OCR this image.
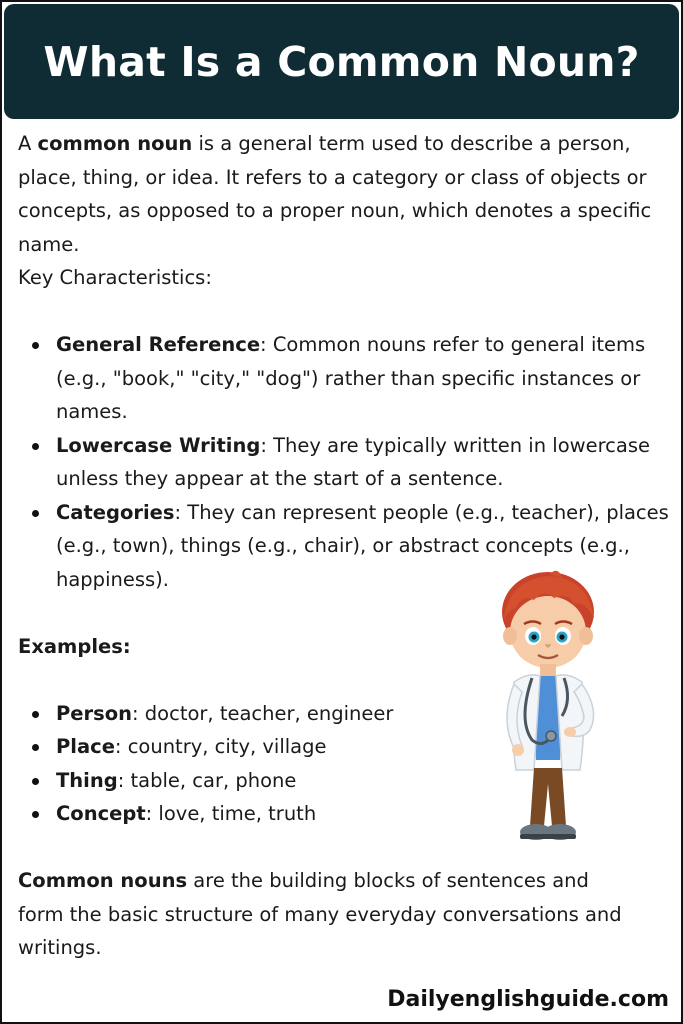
What Is a Common Noun?

A common noun is a general term used to describe a person, place, thing, or idea. It refers to a category or class of objects or concepts, as opposed to a proper noun, which denotes a specific name.

Key Characteristics:

General Reference: Common nouns refer to general items (e.g., "book," "city," "dog") rather than specific instances or names.
Lowercase Writing: They are typically written in lowercase unless they appear at the start of a sentence.
Categories: They can represent people (e.g., teacher), places (e.g., town), things (e.g., chair), or abstract concepts (e.g., happiness).

Examples:

Person: doctor, teacher, engineer
Place: country, city, village
Thing: table, car, phone
Concept: love, time, truth

Common nouns are the building blocks of sentences and form the basic structure of many everyday conversations and writings.

Dailyenglishguide.com
